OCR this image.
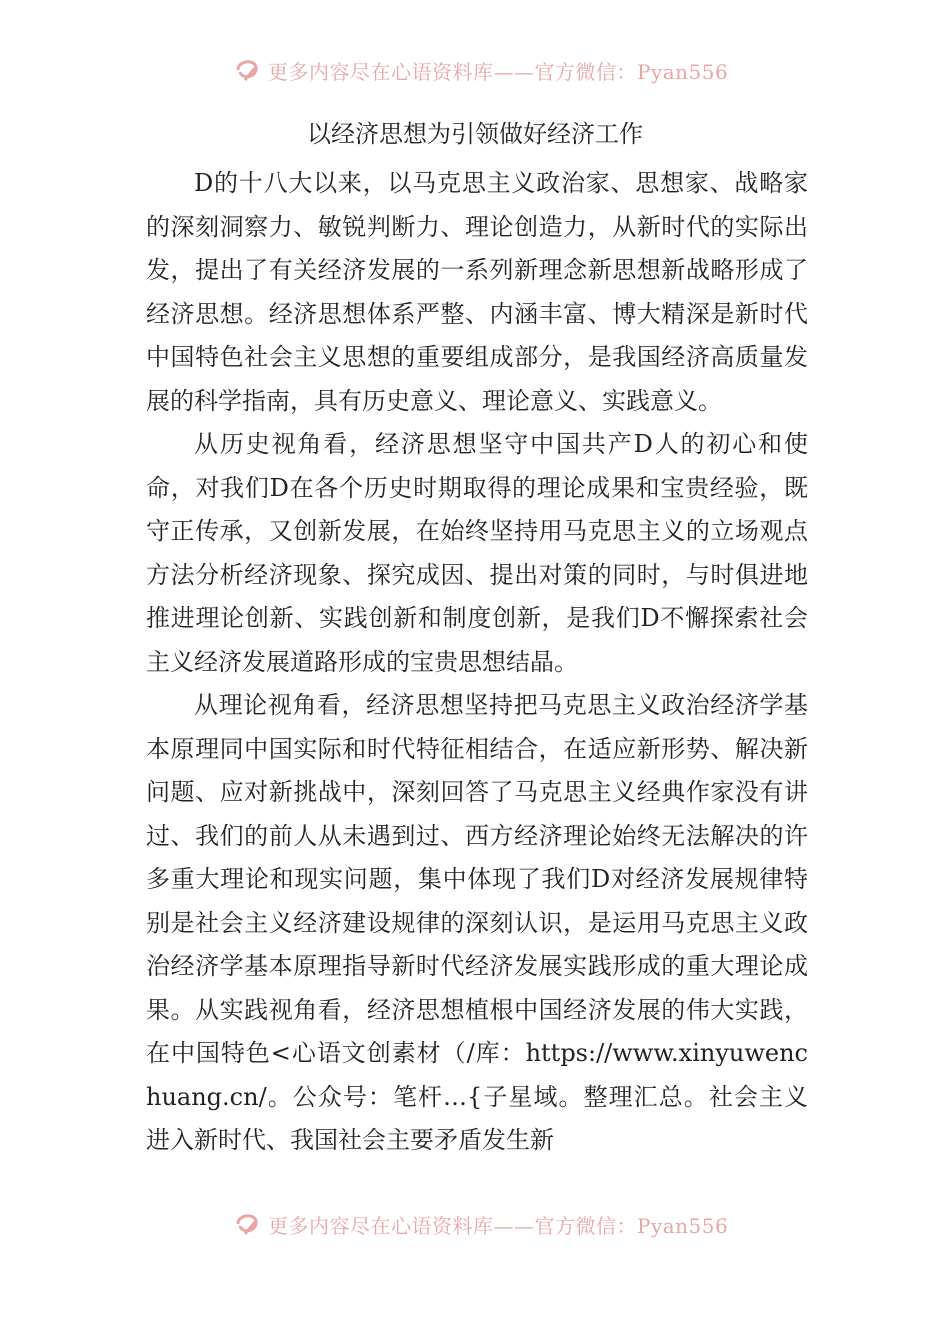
更多内容尽在心语资料库——官方微信：Pyan556
以经济思想为引领做好经济工作

D的十八大以来，以马克思主义政治家、思想家、战略家的深刻洞察力、敏锐判断力、理论创造力，从新时代的实际出发，提出了有关经济发展的一系列新理念新思想新战略形成了经济思想。经济思想体系严整、内涵丰富、博大精深是新时代中国特色社会主义思想的重要组成部分，是我国经济高质量发展的科学指南，具有历史意义、理论意义、实践意义。

从历史视角看，经济思想坚守中国共产D人的初心和使命，对我们D在各个历史时期取得的理论成果和宝贵经验，既守正传承，又创新发展，在始终坚持用马克思主义的立场观点方法分析经济现象、探究成因、提出对策的同时，与时俱进地推进理论创新、实践创新和制度创新，是我们D不懈探索社会主义经济发展道路形成的宝贵思想结晶。

从理论视角看，经济思想坚持把马克思主义政治经济学基本原理同中国实际和时代特征相结合，在适应新形势、解决新问题、应对新挑战中，深刻回答了马克思主义经典作家没有讲过、我们的前人从未遇到过、西方经济理论始终无法解决的许多重大理论和现实问题，集中体现了我们D对经济发展规律特别是社会主义经济建设规律的深刻认识，是运用马克思主义政治经济学基本原理指导新时代经济发展实践形成的重大理论成果。从实践视角看，经济思想植根中国经济发展的伟大实践，在中国特色<心语文创素材（/库：https://www.xinyuwenchuang.cn/。公众号：笔杆…{子星域。整理汇总。社会主义进入新时代、我国社会主要矛盾发生新

更多内容尽在心语资料库——官方微信：Pyan556
